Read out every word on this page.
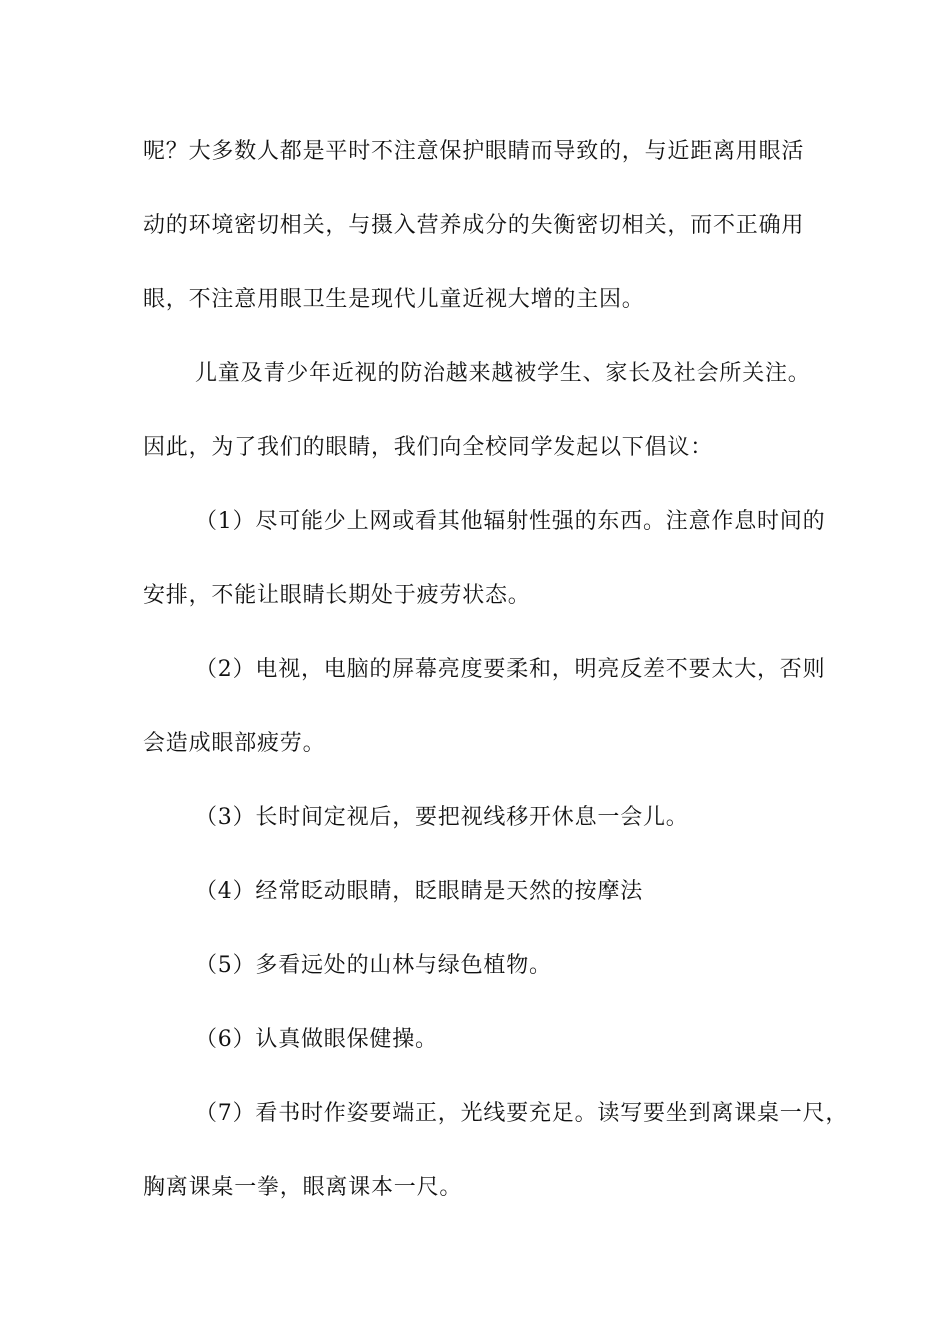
呢？大多数人都是平时不注意保护眼睛而导致的，与近距离用眼活
动的环境密切相关，与摄入营养成分的失衡密切相关，而不正确用
眼，不注意用眼卫生是现代儿童近视大增的主因。
儿童及青少年近视的防治越来越被学生、家长及社会所关注。
因此，为了我们的眼睛，我们向全校同学发起以下倡议：
（1）尽可能少上网或看其他辐射性强的东西。注意作息时间的
安排，不能让眼睛长期处于疲劳状态。
（2）电视，电脑的屏幕亮度要柔和，明亮反差不要太大，否则
会造成眼部疲劳。
（3）长时间定视后，要把视线移开休息一会儿。
（4）经常眨动眼睛，眨眼睛是天然的按摩法
（5）多看远处的山林与绿色植物。
（6）认真做眼保健操。
（7）看书时作姿要端正，光线要充足。读写要坐到离课桌一尺，
胸离课桌一拳，眼离课本一尺。
